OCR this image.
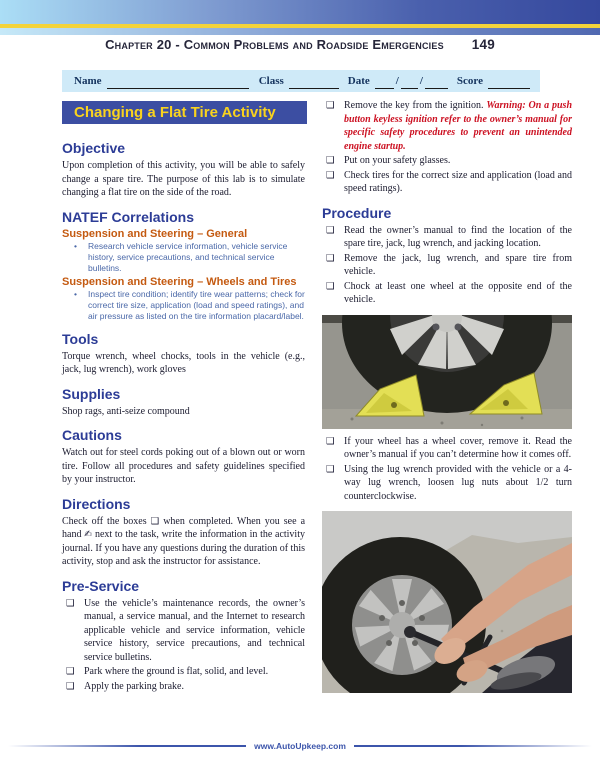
Chapter 20 - Common Problems and Roadside Emergencies 149
Name	Class	Date / /	Score
Changing a Flat Tire Activity
Objective

Upon completion of this activity, you will be able to safely change a spare tire. The purpose of this lab is to simulate changing a flat tire on the side of the road.

NATEF Correlations
Suspension and Steering – General
• Research vehicle service information, vehicle service history, service precautions, and technical service bulletins.
Suspension and Steering – Wheels and Tires
• Inspect tire condition; identify tire wear patterns; check for correct tire size, application (load and speed ratings), and air pressure as listed on the tire information placard/label.
Tools

Torque wrench, wheel chocks, tools in the vehicle (e.g., jack, lug wrench), work gloves

Supplies

Shop rags, anti-seize compound

Cautions

Watch out for steel cords poking out of a blown out or worn tire. Follow all procedures and safety guidelines specified by your instructor.

Directions

Check off the boxes ❑ when completed. When you see a hand ✍ next to the task, write the information in the activity journal. If you have any questions during the duration of this activity, stop and ask the instructor for assistance.

Pre-Service
❑ Use the vehicle’s maintenance records, the owner’s manual, a service manual, and the Internet to research applicable vehicle and service information, vehicle service history, service precautions, and technical service bulletins.
❑ Park where the ground is flat, solid, and level.
❑ Apply the parking brake.
❑ Remove the key from the ignition. Warning: On a push button keyless ignition refer to the owner’s manual for specific safety procedures to prevent an unintended engine startup.
❑ Put on your safety glasses.
❑ Check tires for the correct size and application (load and speed ratings).
Procedure
❑ Read the owner’s manual to find the location of the spare tire, jack, lug wrench, and jacking location.
❑ Remove the jack, lug wrench, and spare tire from vehicle.
❑ Chock at least one wheel at the opposite end of the vehicle.
❑ If your wheel has a wheel cover, remove it. Read the owner’s manual if you can’t determine how it comes off.
❑ Using the lug wrench provided with the vehicle or a 4-way lug wrench, loosen lug nuts about 1/2 turn counterclockwise.
www.AutoUpkeep.com
